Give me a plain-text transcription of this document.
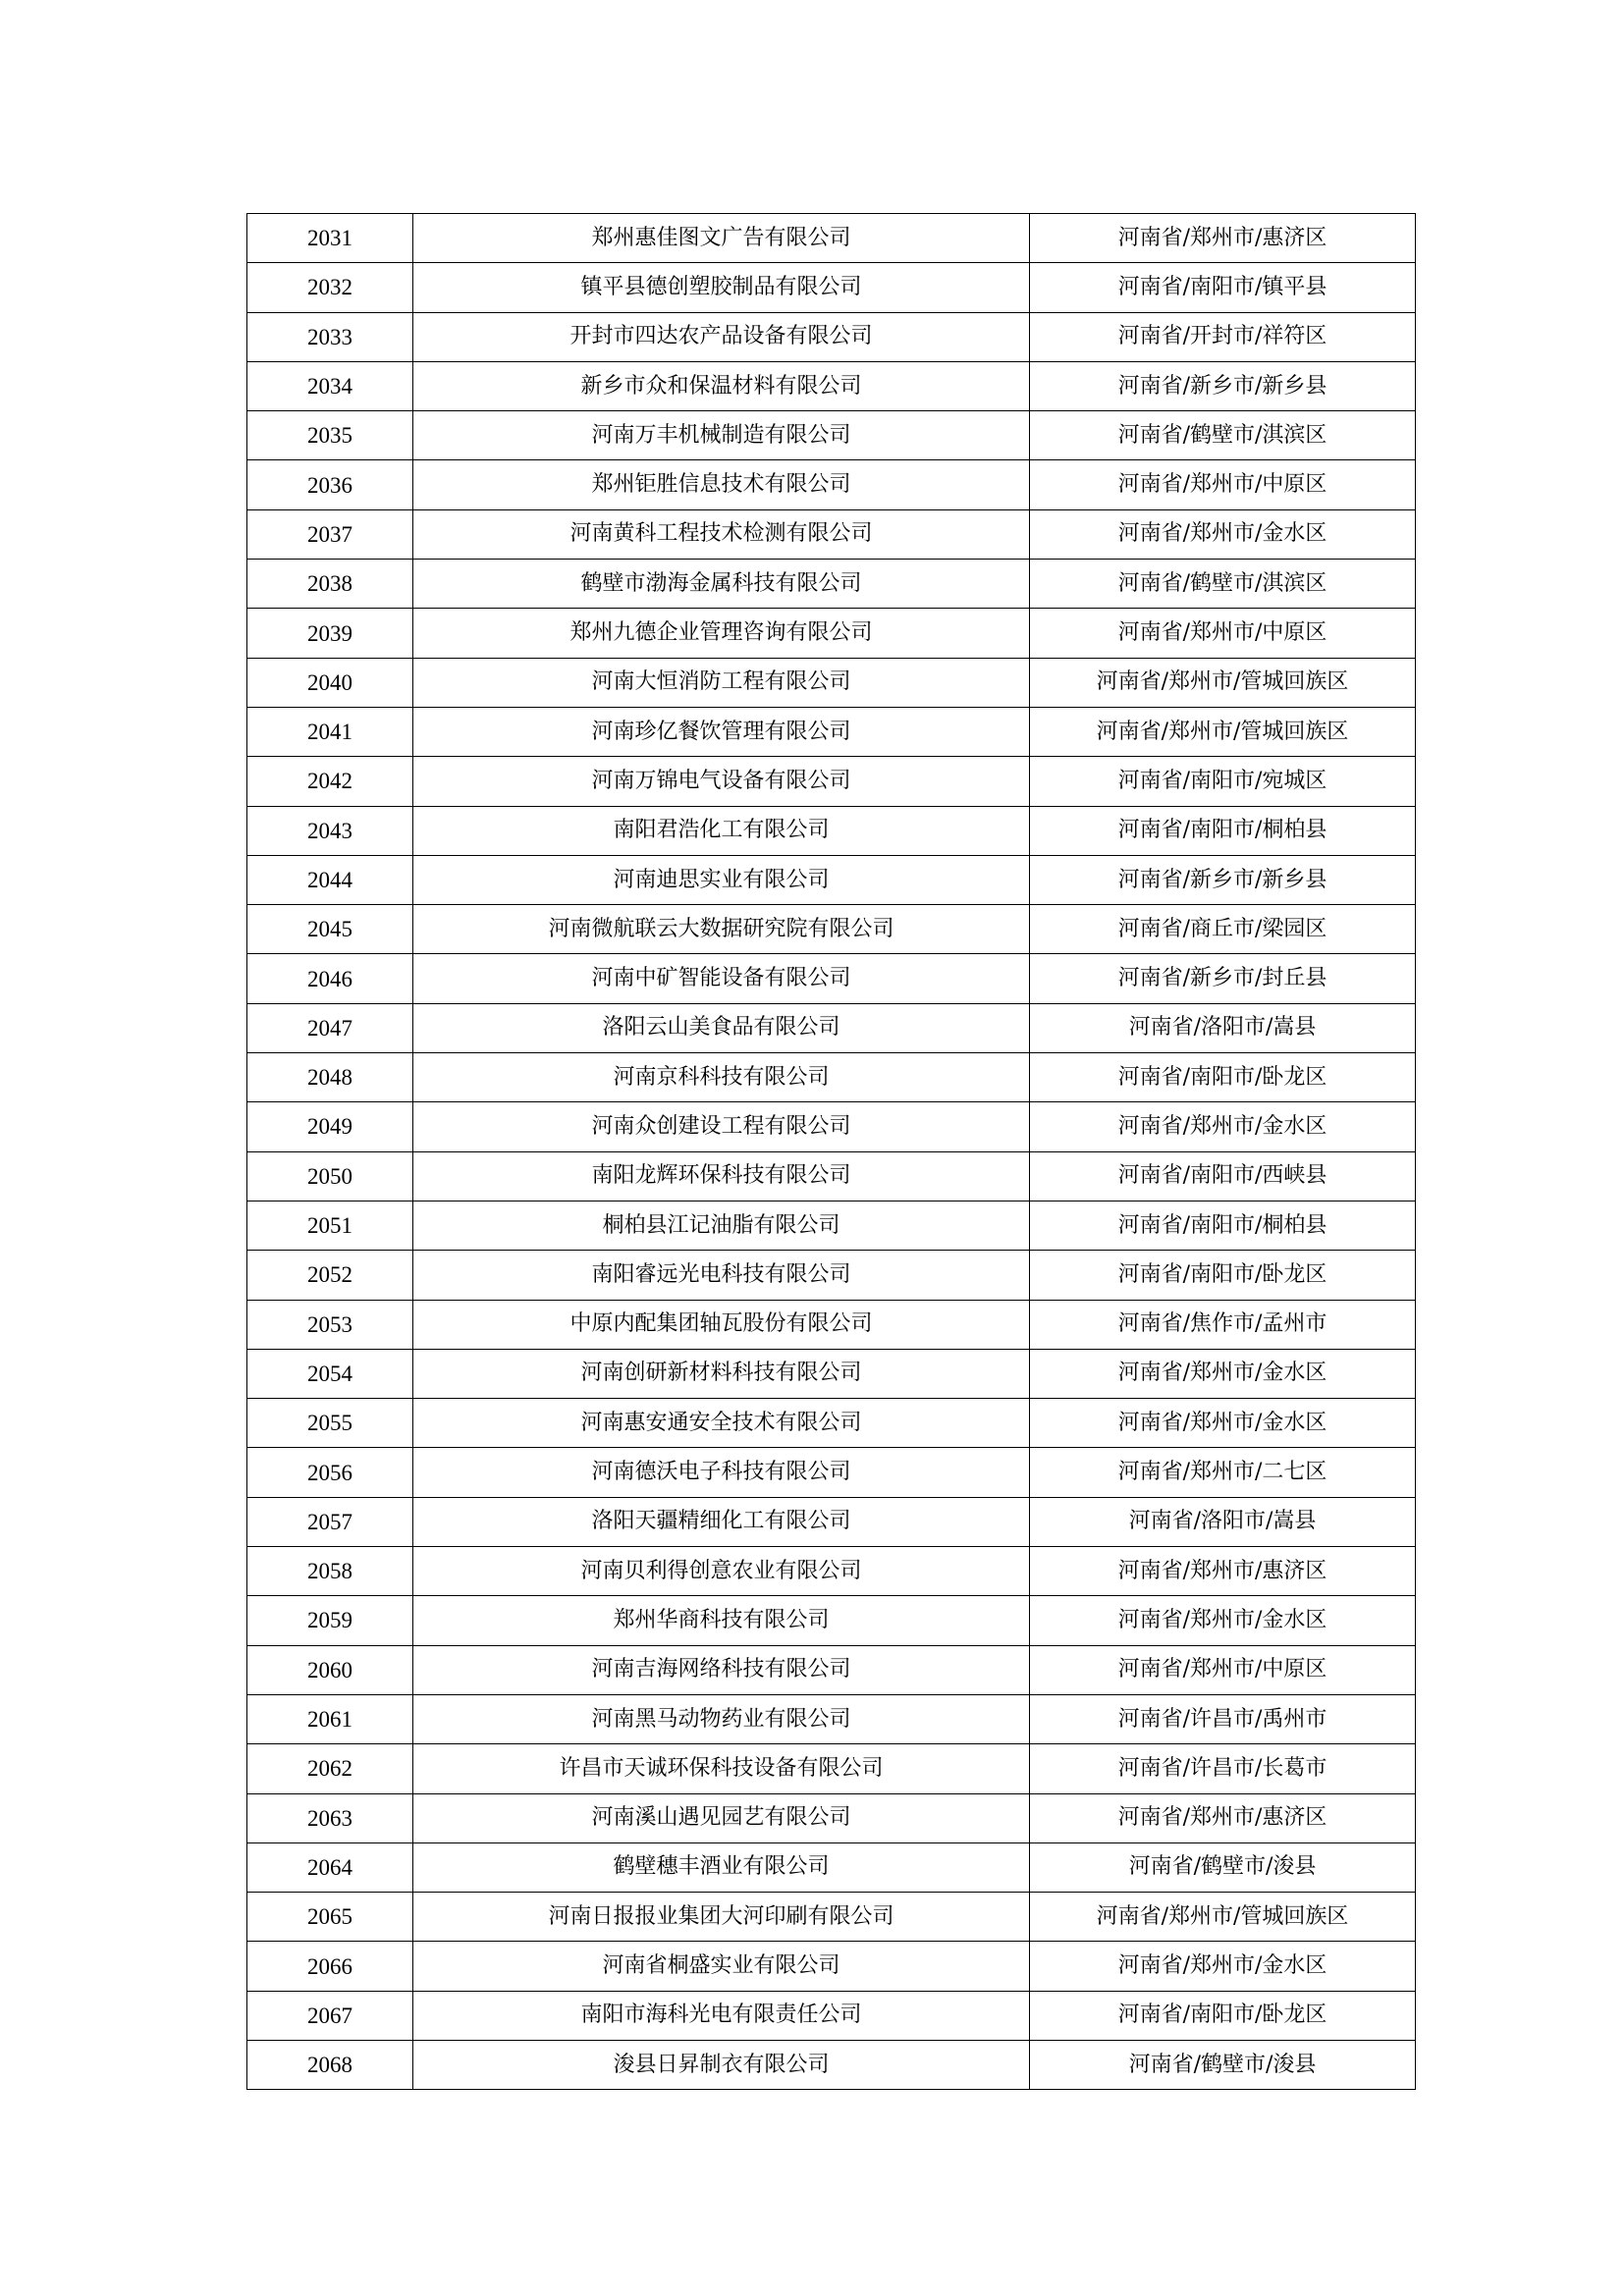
2031	郑州惠佳图文广告有限公司	河南省/郑州市/惠济区
2032	镇平县德创塑胶制品有限公司	河南省/南阳市/镇平县
2033	开封市四达农产品设备有限公司	河南省/开封市/祥符区
2034	新乡市众和保温材料有限公司	河南省/新乡市/新乡县
2035	河南万丰机械制造有限公司	河南省/鹤壁市/淇滨区
2036	郑州钜胜信息技术有限公司	河南省/郑州市/中原区
2037	河南黄科工程技术检测有限公司	河南省/郑州市/金水区
2038	鹤壁市渤海金属科技有限公司	河南省/鹤壁市/淇滨区
2039	郑州九德企业管理咨询有限公司	河南省/郑州市/中原区
2040	河南大恒消防工程有限公司	河南省/郑州市/管城回族区
2041	河南珍亿餐饮管理有限公司	河南省/郑州市/管城回族区
2042	河南万锦电气设备有限公司	河南省/南阳市/宛城区
2043	南阳君浩化工有限公司	河南省/南阳市/桐柏县
2044	河南迪思实业有限公司	河南省/新乡市/新乡县
2045	河南微航联云大数据研究院有限公司	河南省/商丘市/梁园区
2046	河南中矿智能设备有限公司	河南省/新乡市/封丘县
2047	洛阳云山美食品有限公司	河南省/洛阳市/嵩县
2048	河南京科科技有限公司	河南省/南阳市/卧龙区
2049	河南众创建设工程有限公司	河南省/郑州市/金水区
2050	南阳龙辉环保科技有限公司	河南省/南阳市/西峡县
2051	桐柏县江记油脂有限公司	河南省/南阳市/桐柏县
2052	南阳睿远光电科技有限公司	河南省/南阳市/卧龙区
2053	中原内配集团轴瓦股份有限公司	河南省/焦作市/孟州市
2054	河南创研新材料科技有限公司	河南省/郑州市/金水区
2055	河南惠安通安全技术有限公司	河南省/郑州市/金水区
2056	河南德沃电子科技有限公司	河南省/郑州市/二七区
2057	洛阳天疆精细化工有限公司	河南省/洛阳市/嵩县
2058	河南贝利得创意农业有限公司	河南省/郑州市/惠济区
2059	郑州华商科技有限公司	河南省/郑州市/金水区
2060	河南吉海网络科技有限公司	河南省/郑州市/中原区
2061	河南黑马动物药业有限公司	河南省/许昌市/禹州市
2062	许昌市天诚环保科技设备有限公司	河南省/许昌市/长葛市
2063	河南溪山遇见园艺有限公司	河南省/郑州市/惠济区
2064	鹤壁穗丰酒业有限公司	河南省/鹤壁市/浚县
2065	河南日报报业集团大河印刷有限公司	河南省/郑州市/管城回族区
2066	河南省桐盛实业有限公司	河南省/郑州市/金水区
2067	南阳市海科光电有限责任公司	河南省/南阳市/卧龙区
2068	浚县日昇制衣有限公司	河南省/鹤壁市/浚县
